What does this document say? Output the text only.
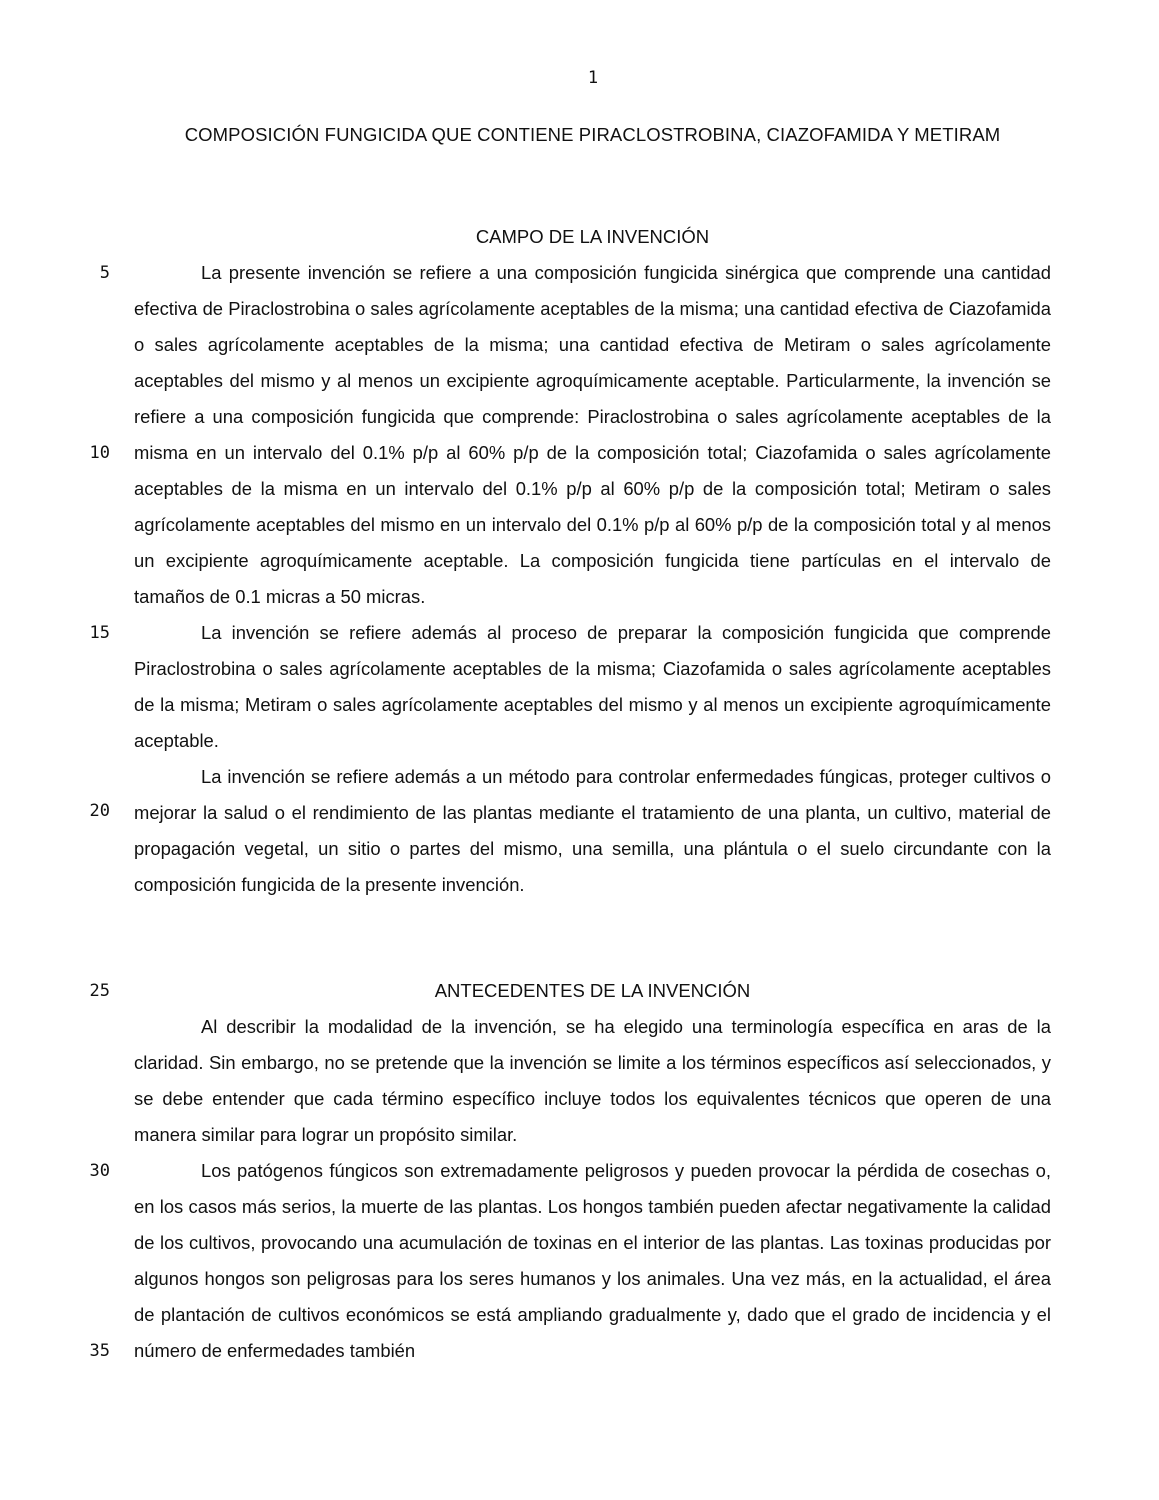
1
COMPOSICIÓN FUNGICIDA QUE CONTIENE PIRACLOSTROBINA, CIAZOFAMIDA Y METIRAM
CAMPO DE LA INVENCIÓN

La presente invención se refiere a una composición fungicida sinérgica que comprende una cantidad efectiva de Piraclostrobina o sales agrícolamente aceptables de la misma; una cantidad efectiva de Ciazofamida o sales agrícolamente aceptables de la misma; una cantidad efectiva de Metiram o sales agrícolamente aceptables del mismo y al menos un excipiente agroquímicamente aceptable. Particularmente, la invención se refiere a una composición fungicida que comprende: Piraclostrobina o sales agrícolamente aceptables de la misma en un intervalo del 0.1% p/p al 60% p/p de la composición total; Ciazofamida o sales agrícolamente aceptables de la misma en un intervalo del 0.1% p/p al 60% p/p de la composición total; Metiram o sales agrícolamente aceptables del mismo en un intervalo del 0.1% p/p al 60% p/p de la composición total y al menos un excipiente agroquímicamente aceptable. La composición fungicida tiene partículas en el intervalo de tamaños de 0.1 micras a 50 micras.

La invención se refiere además al proceso de preparar la composición fungicida que comprende Piraclostrobina o sales agrícolamente aceptables de la misma; Ciazofamida o sales agrícolamente aceptables de la misma; Metiram o sales agrícolamente aceptables del mismo y al menos un excipiente agroquímicamente aceptable.

La invención se refiere además a un método para controlar enfermedades fúngicas, proteger cultivos o mejorar la salud o el rendimiento de las plantas mediante el tratamiento de una planta, un cultivo, material de propagación vegetal, un sitio o partes del mismo, una semilla, una plántula o el suelo circundante con la composición fungicida de la presente invención.

ANTECEDENTES DE LA INVENCIÓN

Al describir la modalidad de la invención, se ha elegido una terminología específica en aras de la claridad. Sin embargo, no se pretende que la invención se limite a los términos específicos así seleccionados, y se debe entender que cada término específico incluye todos los equivalentes técnicos que operen de una manera similar para lograr un propósito similar.

Los patógenos fúngicos son extremadamente peligrosos y pueden provocar la pérdida de cosechas o, en los casos más serios, la muerte de las plantas. Los hongos también pueden afectar negativamente la calidad de los cultivos, provocando una acumulación de toxinas en el interior de las plantas. Las toxinas producidas por algunos hongos son peligrosas para los seres humanos y los animales. Una vez más, en la actualidad, el área de plantación de cultivos económicos se está ampliando gradualmente y, dado que el grado de incidencia y el número de enfermedades también

5
10
15
20
25
30
35
